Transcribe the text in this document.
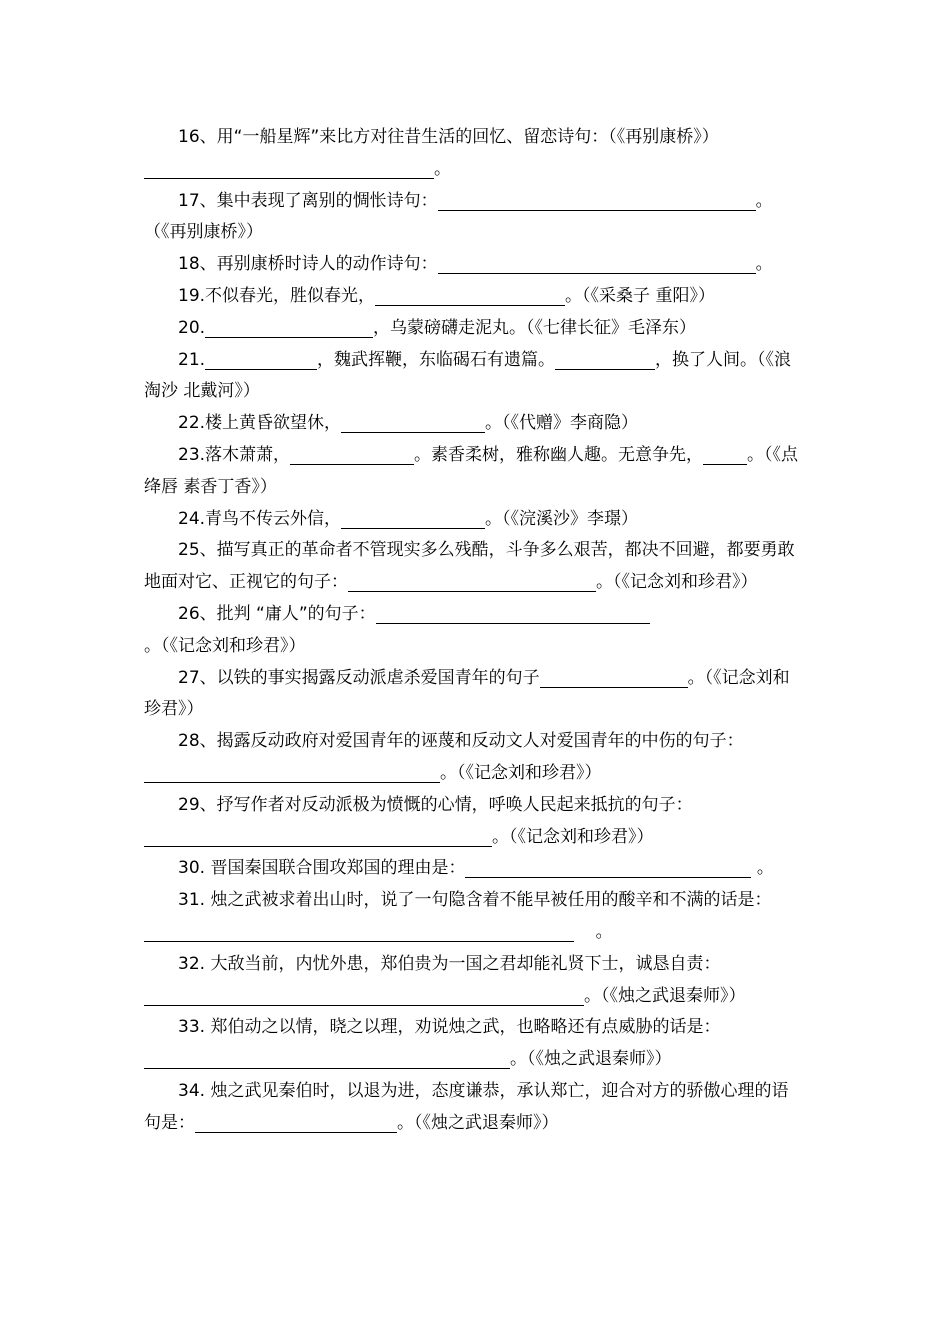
16、用“一船星辉”来比方对往昔生活的回忆、留恋诗句：（《再别康桥》）。

17、集中表现了离别的惆怅诗句：	。（《再别康桥》）

18、再别康桥时诗人的动作诗句：	。

19.不似春光，胜似春光，	。（《采桑子 重阳》）

20.	，乌蒙磅礴走泥丸。（《七律长征》毛泽东）

21.	，魏武挥鞭，东临碣石有遗篇。	，换了人间。（《浪淘沙 北戴河》）

22.楼上黄昏欲望休，	。（《代赠》李商隐）

23.落木萧萧，	。素香柔树，雅称幽人趣。无意争先，	。（《点绛唇 素香丁香》）

24.青鸟不传云外信，	。（《浣溪沙》李璟）

25、描写真正的革命者不管现实多么残酷，斗争多么艰苦，都决不回避，都要勇敢地面对它、正视它的句子：	。（《记念刘和珍君》）

26、批判 “庸人”的句子：。（《记念刘和珍君》）

27、以铁的事实揭露反动派虐杀爱国青年的句子	。（《记念刘和珍君》）

28、揭露反动政府对爱国青年的诬蔑和反动文人对爱国青年的中伤的句子：。（《记念刘和珍君》）

29、抒写作者对反动派极为愤慨的心情，呼唤人民起来抵抗的句子：。（《记念刘和珍君》）

30. 晋国秦国联合围攻郑国的理由是：	。

31. 烛之武被求着出山时，说了一句隐含着不能早被任用的酸辛和不满的话是：    。

32. 大敌当前，内忧外患，郑伯贵为一国之君却能礼贤下士，诚恳自责：。（《烛之武退秦师》）

33. 郑伯动之以情，晓之以理，劝说烛之武，也略略还有点威胁的话是：。（《烛之武退秦师》）

34. 烛之武见秦伯时，以退为进，态度谦恭，承认郑亡，迎合对方的骄傲心理的语句是：	。（《烛之武退秦师》）
